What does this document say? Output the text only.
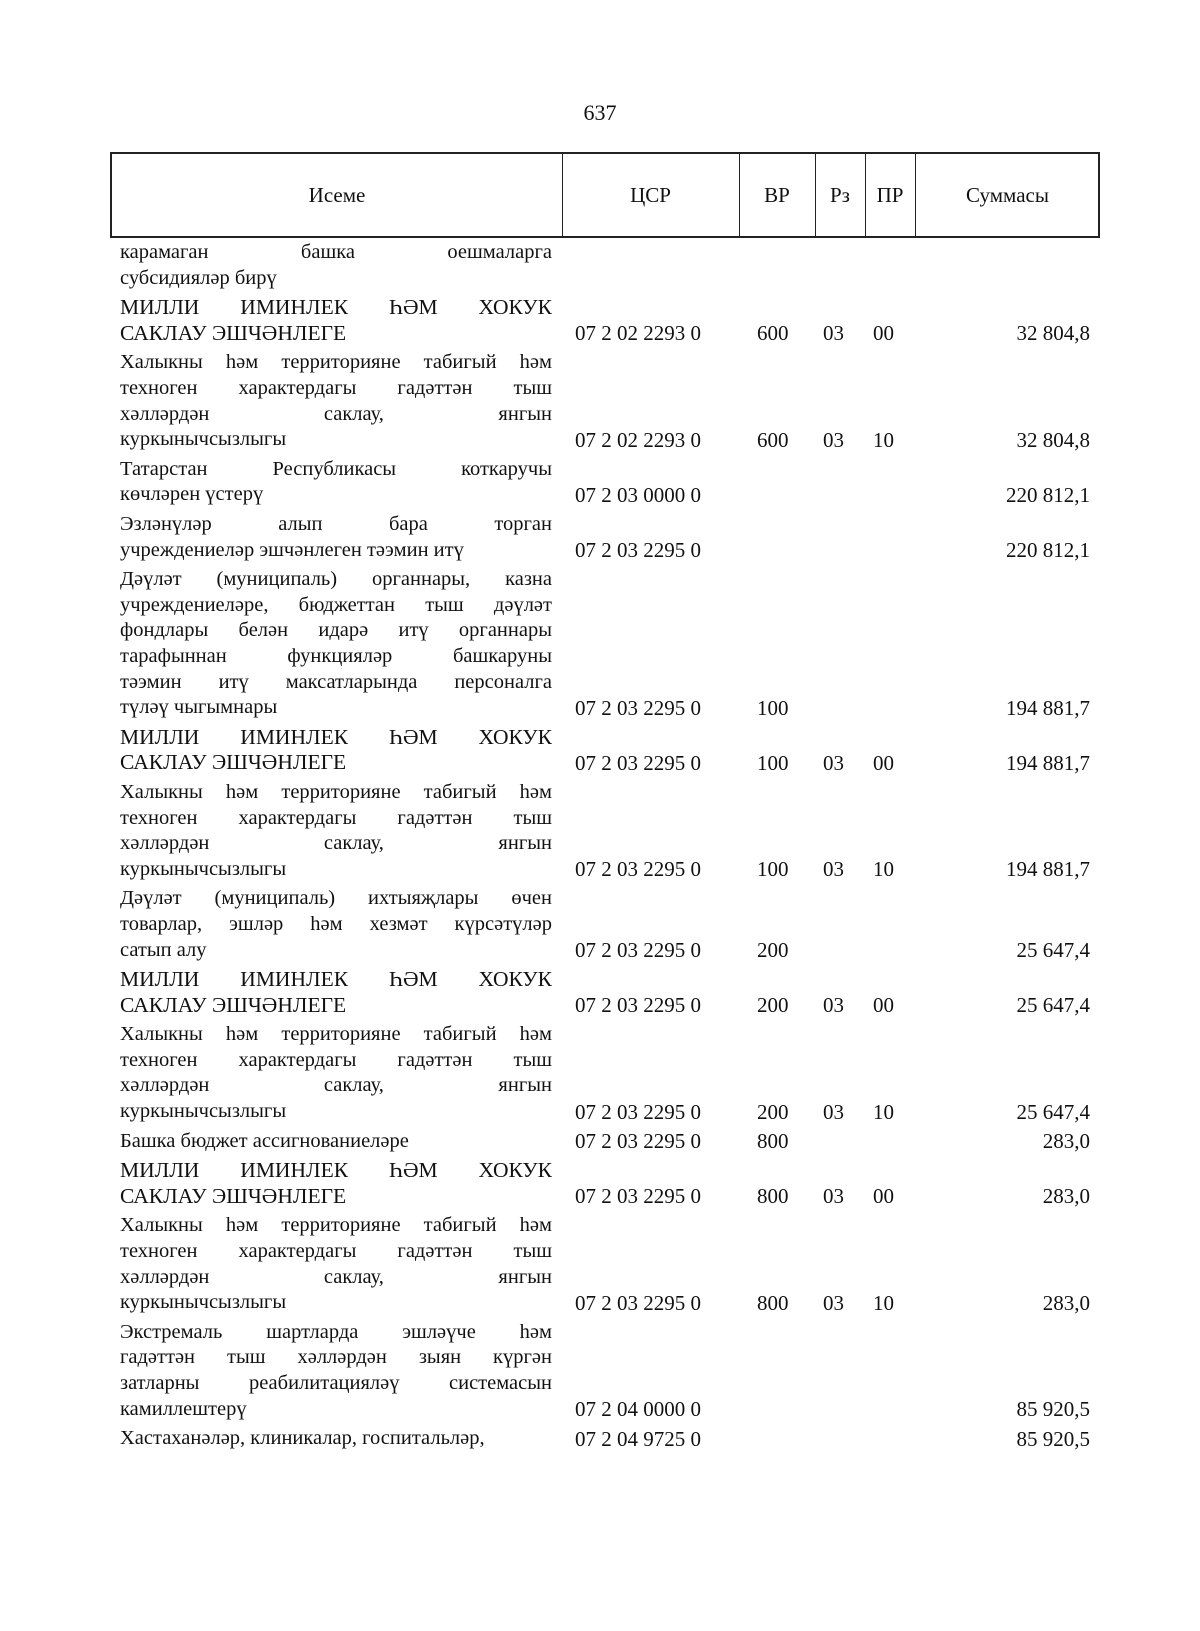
637
Исеме	ЦСР	ВР	Рз	ПР	Суммасы
карамаган башка оешмаларга
субсидияләр бирү
МИЛЛИ ИМИНЛЕК ҺӘМ ХОКУК
САКЛАУ ЭШЧӘНЛЕГЕ	07 2 02 2293 0	600 03 00	32 804,8
Халыкны һәм территорияне табигый һәм
техноген характердагы гадәттән тыш
хәлләрдән саклау, янгын
куркынычсызлыгы	07 2 02 2293 0	600 03 10	32 804,8
Татарстан Республикасы коткаручы
көчләрен үстерү	07 2 03 0000 0	220 812,1
Эзләнүләр алып бара торган
учреждениеләр эшчәнлеген тәэмин итү	07 2 03 2295 0	220 812,1
Дәүләт (муниципаль) органнары, казна
учреждениеләре, бюджеттан тыш дәүләт
фондлары белән идарә итү органнары
тарафыннан функцияләр башкаруны
тәэмин итү максатларында персоналга
түләү чыгымнары	07 2 03 2295 0	100	194 881,7
МИЛЛИ ИМИНЛЕК ҺӘМ ХОКУК
САКЛАУ ЭШЧӘНЛЕГЕ	07 2 03 2295 0	100 03 00	194 881,7
Халыкны һәм территорияне табигый һәм
техноген характердагы гадәттән тыш
хәлләрдән саклау, янгын
куркынычсызлыгы	07 2 03 2295 0	100 03 10	194 881,7
Дәүләт (муниципаль) ихтыяҗлары өчен
товарлар, эшләр һәм хезмәт күрсәтүләр
сатып алу	07 2 03 2295 0	200	25 647,4
МИЛЛИ ИМИНЛЕК ҺӘМ ХОКУК
САКЛАУ ЭШЧӘНЛЕГЕ	07 2 03 2295 0	200 03 00	25 647,4
Халыкны һәм территорияне табигый һәм
техноген характердагы гадәттән тыш
хәлләрдән саклау, янгын
куркынычсызлыгы	07 2 03 2295 0	200 03 10	25 647,4
Башка бюджет ассигнованиеләре	07 2 03 2295 0	800	283,0
МИЛЛИ ИМИНЛЕК ҺӘМ ХОКУК
САКЛАУ ЭШЧӘНЛЕГЕ	07 2 03 2295 0	800 03 00	283,0
Халыкны һәм территорияне табигый һәм
техноген характердагы гадәттән тыш
хәлләрдән саклау, янгын
куркынычсызлыгы	07 2 03 2295 0	800 03 10	283,0
Экстремаль шартларда эшләүче һәм
гадәттән тыш хәлләрдән зыян күргән
затларны реабилитацияләү системасын
камиллештерү	07 2 04 0000 0	85 920,5
Хастаханәләр, клиникалар, госпитальләр,	07 2 04 9725 0	85 920,5
